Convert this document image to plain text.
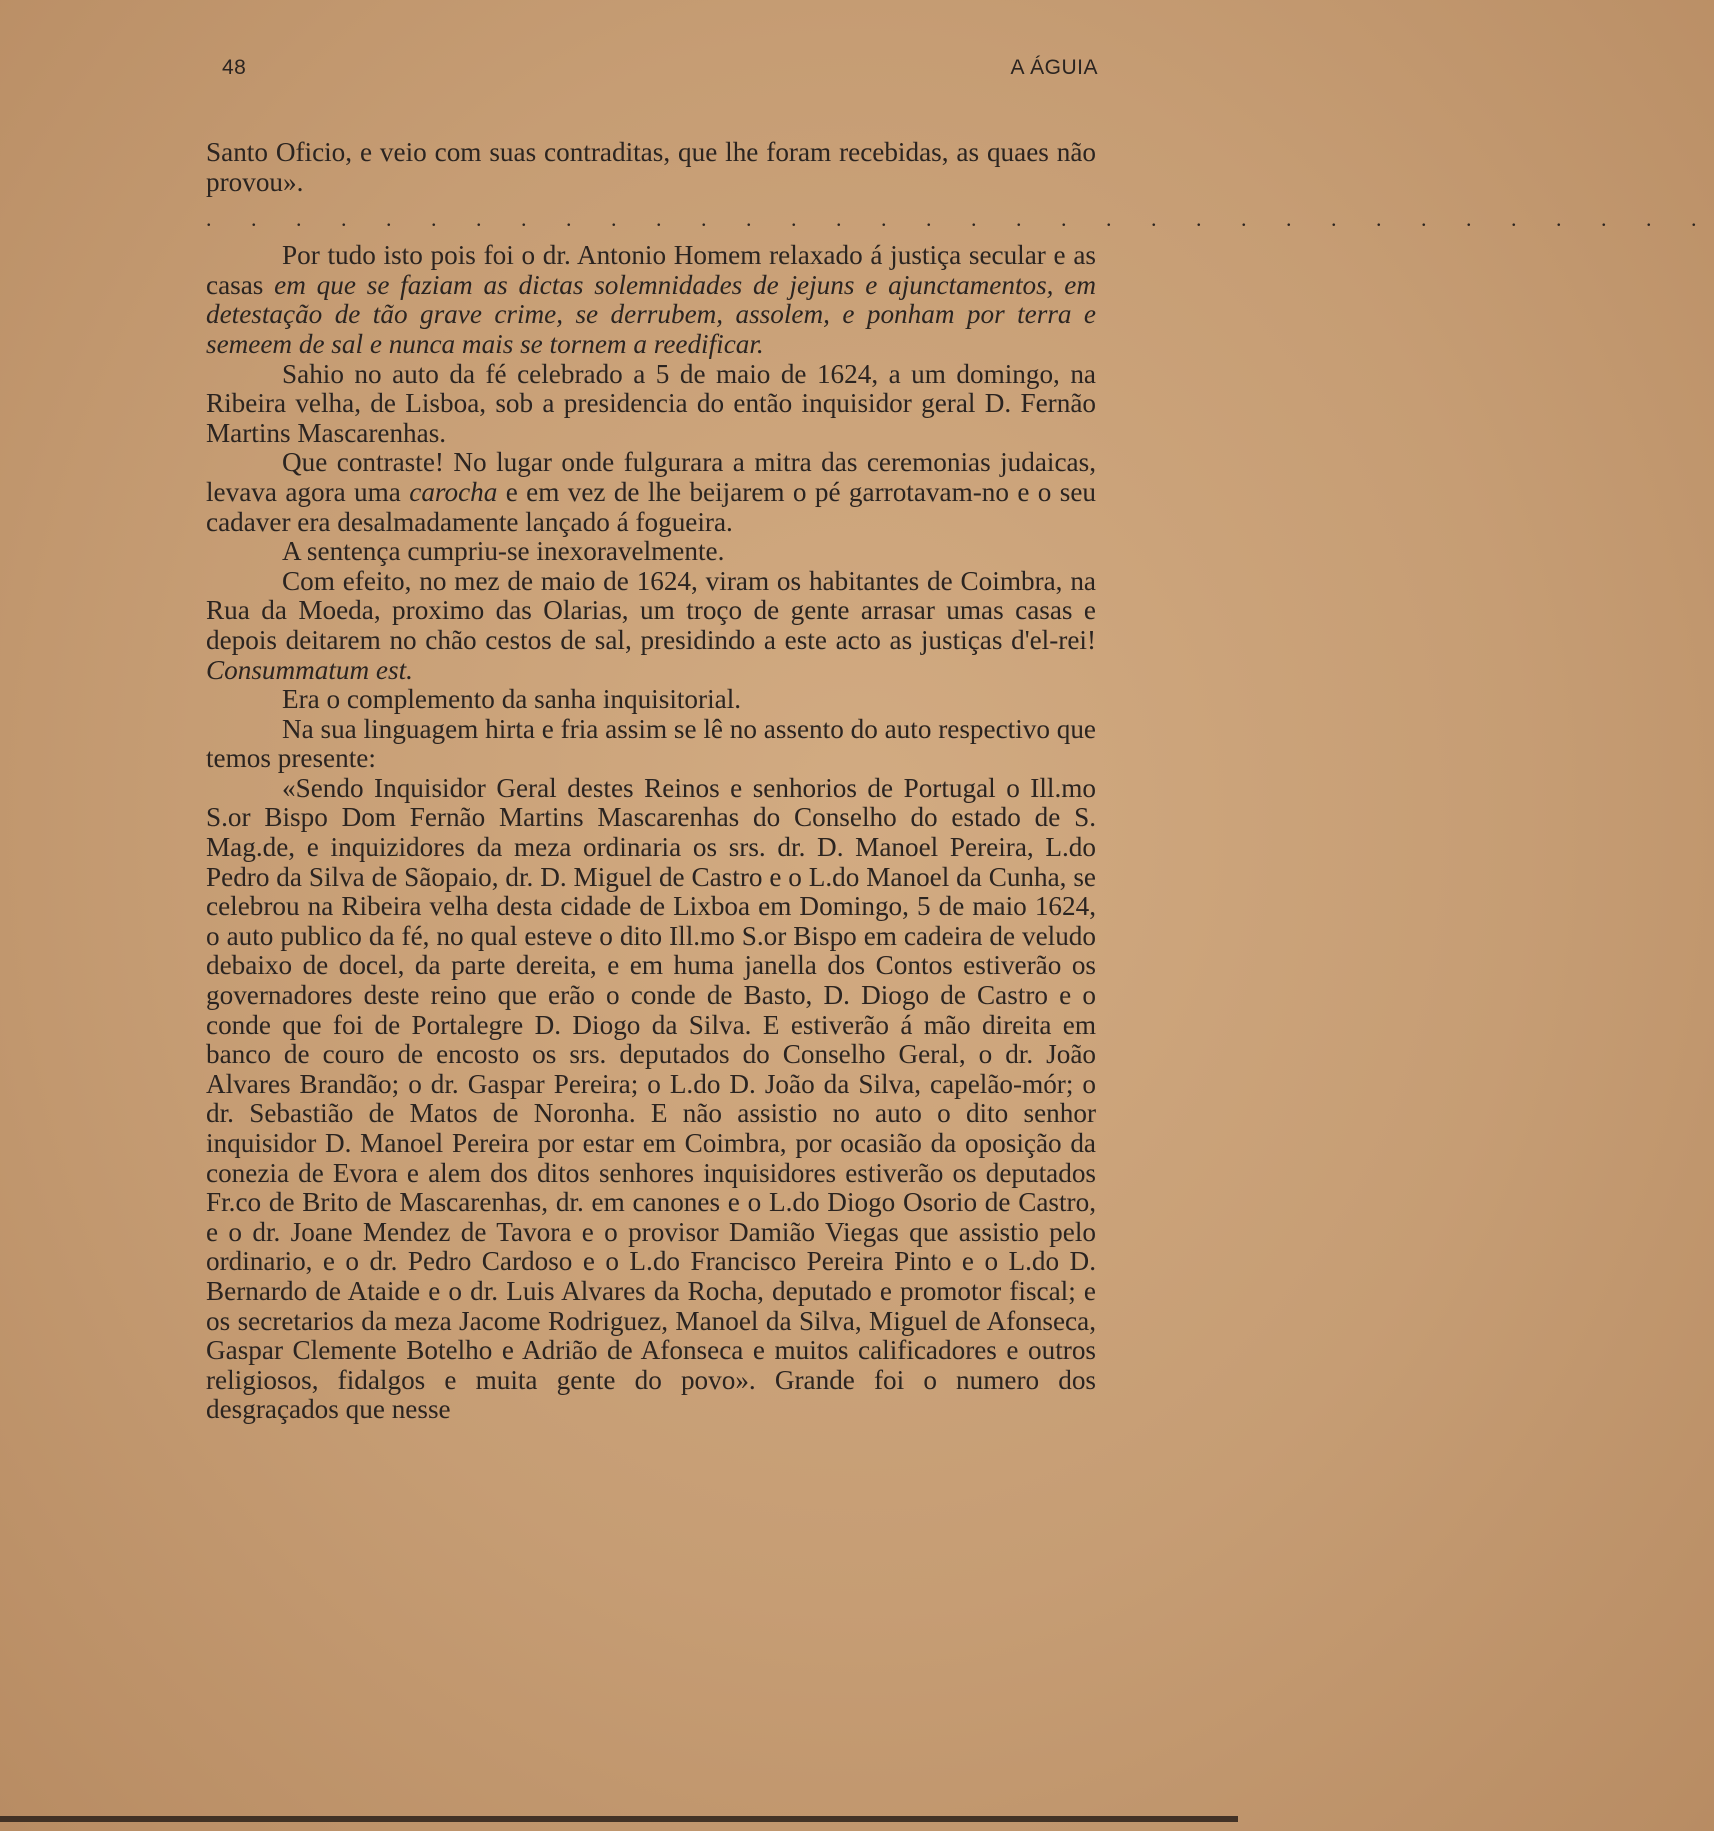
48	A ÁGUIA

Santo Oficio, e veio com suas contraditas, que lhe foram recebidas, as quaes não provou».

. . . . . . . . . . . . . . . . . . . . . . . . . . . . . . . . . .

Por tudo isto pois foi o dr. Antonio Homem relaxado á justiça secular e as casas em que se faziam as dictas solemnidades de jejuns e ajunctamentos, em detestação de tão grave crime, se derrubem, assolem, e ponham por terra e semeem de sal e nunca mais se tornem a reedificar.

Sahio no auto da fé celebrado a 5 de maio de 1624, a um domingo, na Ribeira velha, de Lisboa, sob a presidencia do então inquisidor geral D. Fernão Martins Mascarenhas.

Que contraste! No lugar onde fulgurara a mitra das ceremonias judaicas, levava agora uma carocha e em vez de lhe beijarem o pé garrotavam-no e o seu cadaver era desalmadamente lançado á fogueira.

A sentença cumpriu-se inexoravelmente.

Com efeito, no mez de maio de 1624, viram os habitantes de Coimbra, na Rua da Moeda, proximo das Olarias, um troço de gente arrasar umas casas e depois deitarem no chão cestos de sal, presidindo a este acto as justiças d'el-rei! Consummatum est.

Era o complemento da sanha inquisitorial.

Na sua linguagem hirta e fria assim se lê no assento do auto respectivo que temos presente:

«Sendo Inquisidor Geral destes Reinos e senhorios de Portugal o Ill.mo S.or Bispo Dom Fernão Martins Mascarenhas do Conselho do estado de S. Mag.de, e inquizidores da meza ordinaria os srs. dr. D. Manoel Pereira, L.do Pedro da Silva de Sãopaio, dr. D. Miguel de Castro e o L.do Manoel da Cunha, se celebrou na Ribeira velha desta cidade de Lixboa em Domingo, 5 de maio 1624, o auto publico da fé, no qual esteve o dito Ill.mo S.or Bispo em cadeira de veludo debaixo de docel, da parte dereita, e em huma janella dos Contos estiverão os governadores deste reino que erão o conde de Basto, D. Diogo de Castro e o conde que foi de Portalegre D. Diogo da Silva. E estiverão á mão direita em banco de couro de encosto os srs. deputados do Conselho Geral, o dr. João Alvares Brandão; o dr. Gaspar Pereira; o L.do D. João da Silva, capelão-mór; o dr. Sebastião de Matos de Noronha. E não assistio no auto o dito senhor inquisidor D. Manoel Pereira por estar em Coimbra, por ocasião da oposição da conezia de Evora e alem dos ditos senhores inquisidores estiverão os deputados Fr.co de Brito de Mascarenhas, dr. em canones e o L.do Diogo Osorio de Castro, e o dr. Joane Mendez de Tavora e o provisor Damião Viegas que assistio pelo ordinario, e o dr. Pedro Cardoso e o L.do Francisco Pereira Pinto e o L.do D. Bernardo de Ataide e o dr. Luis Alvares da Rocha, deputado e promotor fiscal; e os secretarios da meza Jacome Rodriguez, Manoel da Silva, Miguel de Afonseca, Gaspar Clemente Botelho e Adrião de Afonseca e muitos calificadores e outros religiosos, fidalgos e muita gente do povo». Grande foi o numero dos desgraçados que nesse
